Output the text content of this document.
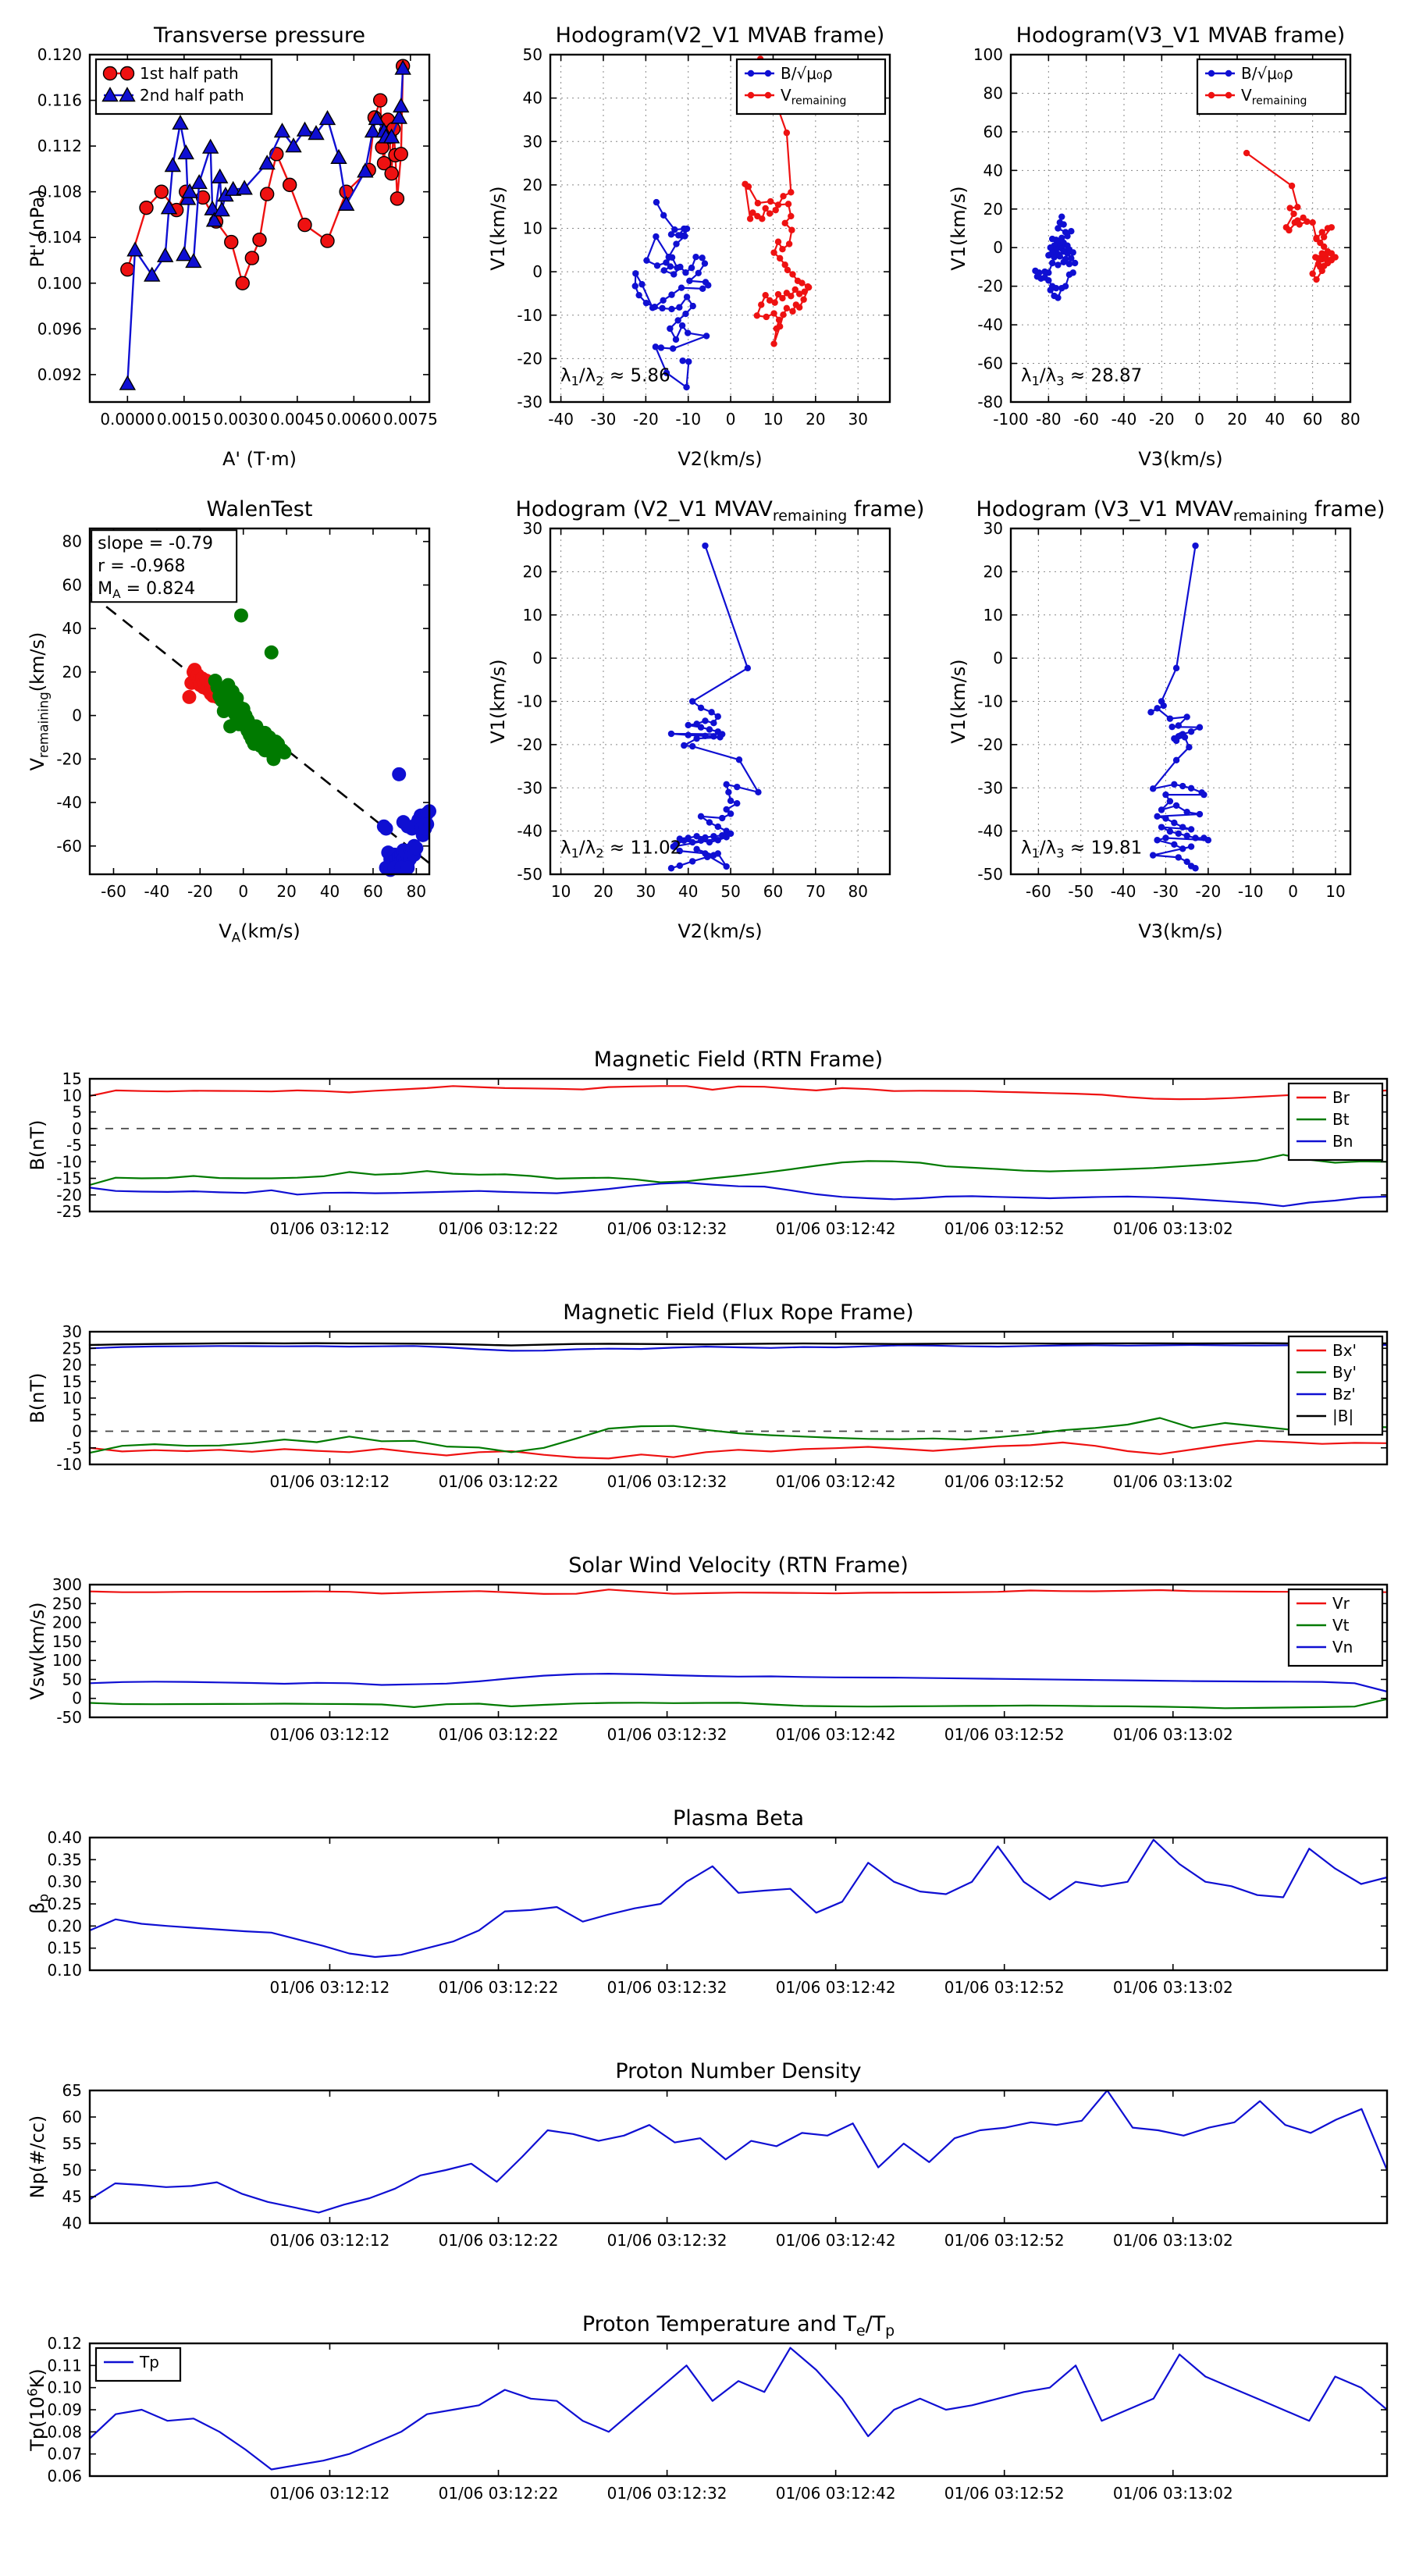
0.0000 0.0015 0.0030 0.0045 0.0060 0.0075
0.092
0.096
0.100
0.104
0.108
0.112
0.116
0.120
Transverse pressure
A' (T·m)
Pt' (nPa)
1st half path
2nd half path
-40 -30 -20 -10 0 10 20 30
-30
-20
-10
0
10
20
30
40
50
Hodogram(V2_V1 MVAB frame)
V2(km/s)
V1(km/s)
B/√μ₀ρ
$V_{remaining}$
$\lambda_1/\lambda_2 \approx 5.86$
-100 -80 -60 -40 -20 0 20 40 60 80
-80
-60
-40
-20
0
20
40
60
80
100
Hodogram(V3_V1 MVAB frame)
V3(km/s)
V1(km/s)
B/√μ₀ρ
$V_{remaining}$
$\lambda_1/\lambda_3 \approx 28.87$
-60 -40 -20 0 20 40 60 80
-60
-40
-20
0
20
40
60
80
WalenTest
$V_A(km/s)$
$V_{remaining}(km/s)$
slope = -0.79
r = -0.968
$M_A = 0.824$
10 20 30 40 50 60 70 80
-50
-40
-30
-20
-10
0
10
20
30
Hodogram (V2_V1 $MVAV_{remaining}$ frame)
V2(km/s)
V1(km/s)
$\lambda_1/\lambda_2 \approx 11.02$
-60 -50 -40 -30 -20 -10 0 10
-50
-40
-30
-20
-10
0
10
20
30
Hodogram (V3_V1 $MVAV_{remaining}$ frame)
V3(km/s)
V1(km/s)
$\lambda_1/\lambda_3 \approx 19.81$
01/06 03:12:12	01/06 03:12:22	01/06 03:12:32	01/06 03:12:42	01/06 03:12:52	01/06 03:13:02
15
10
5
0
-5
-10
-15
-20
-25
Magnetic Field (RTN Frame)
B(nT)
Br
Bt
Bn
01/06 03:12:12	01/06 03:12:22	01/06 03:12:32	01/06 03:12:42	01/06 03:12:52	01/06 03:13:02
30
25
20
15
10
5
0
-5
-10
Magnetic Field (Flux Rope Frame)
B(nT)
Bx'
By'
Bz'
|B|
01/06 03:12:12	01/06 03:12:22	01/06 03:12:32	01/06 03:12:42	01/06 03:12:52	01/06 03:13:02
300
250
200
150
100
50
0
-50
Solar Wind Velocity (RTN Frame)
Vsw(km/s)	Vr
Vt
Vn
01/06 03:12:12	01/06 03:12:22	01/06 03:12:32	01/06 03:12:42	01/06 03:12:52	01/06 03:13:02
0.40
0.35
0.30
0.25
0.20
0.15
0.10
Plasma Beta
$\beta_p$
01/06 03:12:12	01/06 03:12:22	01/06 03:12:32	01/06 03:12:42	01/06 03:12:52	01/06 03:13:02
65
60
55
50
45
40
Proton Number Density
Np(#/cc)
01/06 03:12:12	01/06 03:12:22	01/06 03:12:32	01/06 03:12:42	01/06 03:12:52	01/06 03:13:02
0.12
0.11
0.10
0.09
0.08
0.07
0.06
Proton Temperature and $T_e/T_p$
$Tp(10^6K)$
Tp
